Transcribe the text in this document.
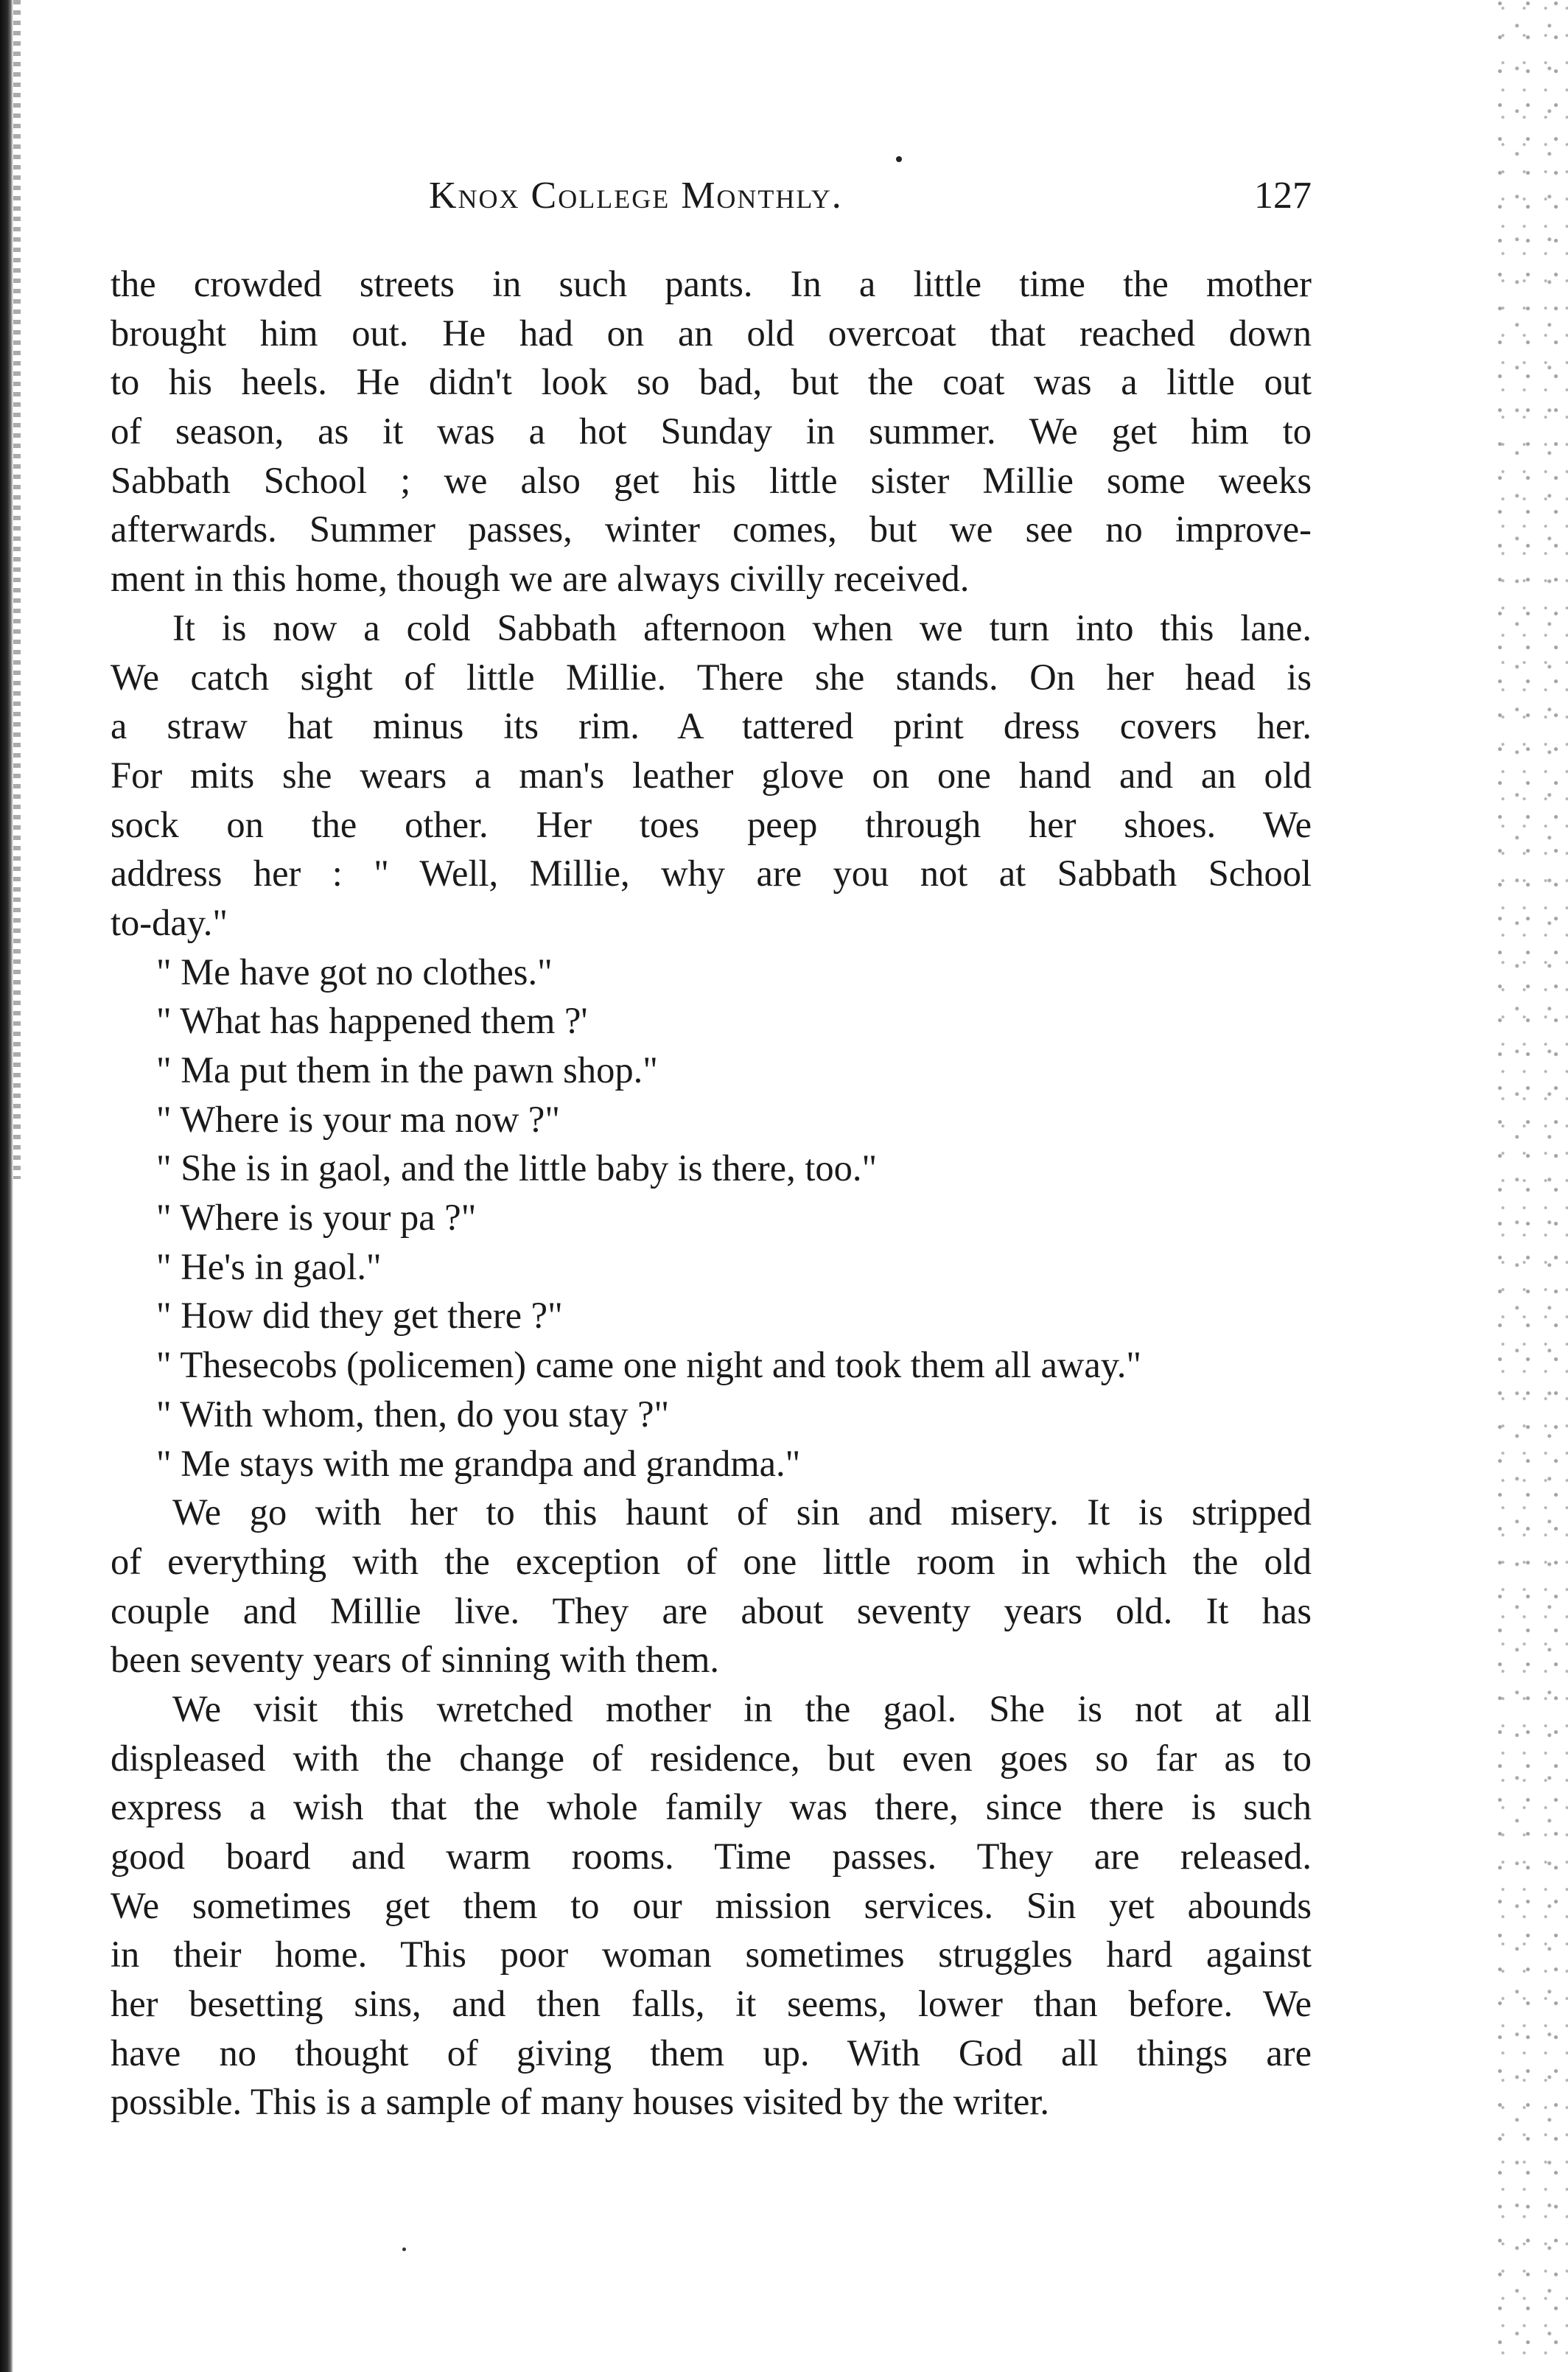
Knox College Monthly.	127
the crowded streets in such pants. In a little time the mother
brought him out. He had on an old overcoat that reached down
to his heels. He didn't look so bad, but the coat was a little out
of season, as it was a hot Sunday in summer. We get him to
Sabbath School ; we also get his little sister Millie some weeks
afterwards. Summer passes, winter comes, but we see no improve-
ment in this home, though we are always civilly received.
It is now a cold Sabbath afternoon when we turn into this lane.
We catch sight of little Millie. There she stands. On her head is
a straw hat minus its rim. A tattered print dress covers her.
For mits she wears a man's leather glove on one hand and an old
sock on the other. Her toes peep through her shoes. We
address her : " Well, Millie, why are you not at Sabbath School
to-day."
" Me have got no clothes."
" What has happened them ?'
" Ma put them in the pawn shop."
" Where is your ma now ?"
" She is in gaol, and the little baby is there, too."
" Where is your pa ?"
" He's in gaol."
" How did they get there ?"
" Thesecobs (policemen) came one night and took them all away."
" With whom, then, do you stay ?"
" Me stays with me grandpa and grandma."
We go with her to this haunt of sin and misery. It is stripped
of everything with the exception of one little room in which the old
couple and Millie live. They are about seventy years old. It has
been seventy years of sinning with them.
We visit this wretched mother in the gaol. She is not at all
displeased with the change of residence, but even goes so far as to
express a wish that the whole family was there, since there is such
good board and warm rooms. Time passes. They are released.
We sometimes get them to our mission services. Sin yet abounds
in their home. This poor woman sometimes struggles hard against
her besetting sins, and then falls, it seems, lower than before. We
have no thought of giving them up. With God all things are
possible. This is a sample of many houses visited by the writer.
